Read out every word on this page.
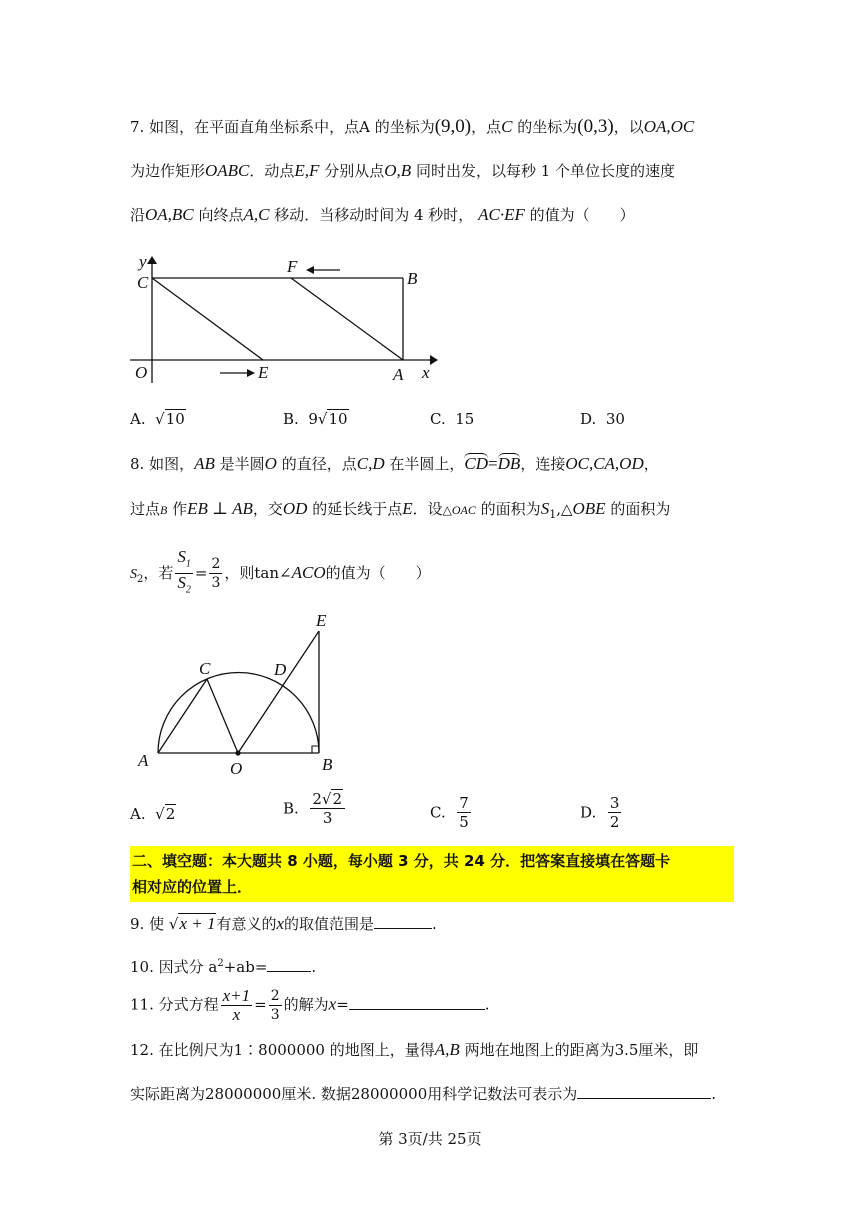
7. 如图，在平面直角坐标系中，点A 的坐标为(9,0)，点C 的坐标为(0,3)，以OA,OC
为边作矩形OABC．动点E,F 分别从点O,B 同时出发，以每秒 1 个单位长度的速度
沿OA,BC 向终点A,C 移动．当移动时间为 4 秒时， AC·EF 的值为（　　）
y
C
F
B
O	E	A x
A. √10	B. 9√10	C. 15	D. 30
8. 如图，AB 是半圆O 的直径，点C,D 在半圆上，CD=DB，连接OC,CA,OD，
过点B 作EB ⊥ AB，交OD 的延长线于点E．设△OAC 的面积为$S_1,\triangle OBE$ 的面积为
$S_2$，若 $\frac{S_1}{S_2} = \frac{2}{3}$ ，则tan∠ACO的值为（　　）
E
C	D
A	O	B
A. √2	B. $\frac{2√2}{3}$	C. $\frac{7}{5}$	D. $\frac{3}{2}$
二、填空题：本大题共 8 小题，每小题 3 分，共 24 分．把答案直接填在答题卡
相对应的位置上．
9. 使 √x + 1有意义的x的取值范围是	.
10. 因式分 $a^2+ab=$	.
11. 分式方程 $\frac{x+1}{x} = \frac{2}{3}$ 的解为x=	.
12. 在比例尺为1∶8000000 的地图上，量得A,B 两地在地图上的距离为3.5厘米，即
实际距离为28000000厘米. 数据28000000用科学记数法可表示为	.
第 3页/共 25页
